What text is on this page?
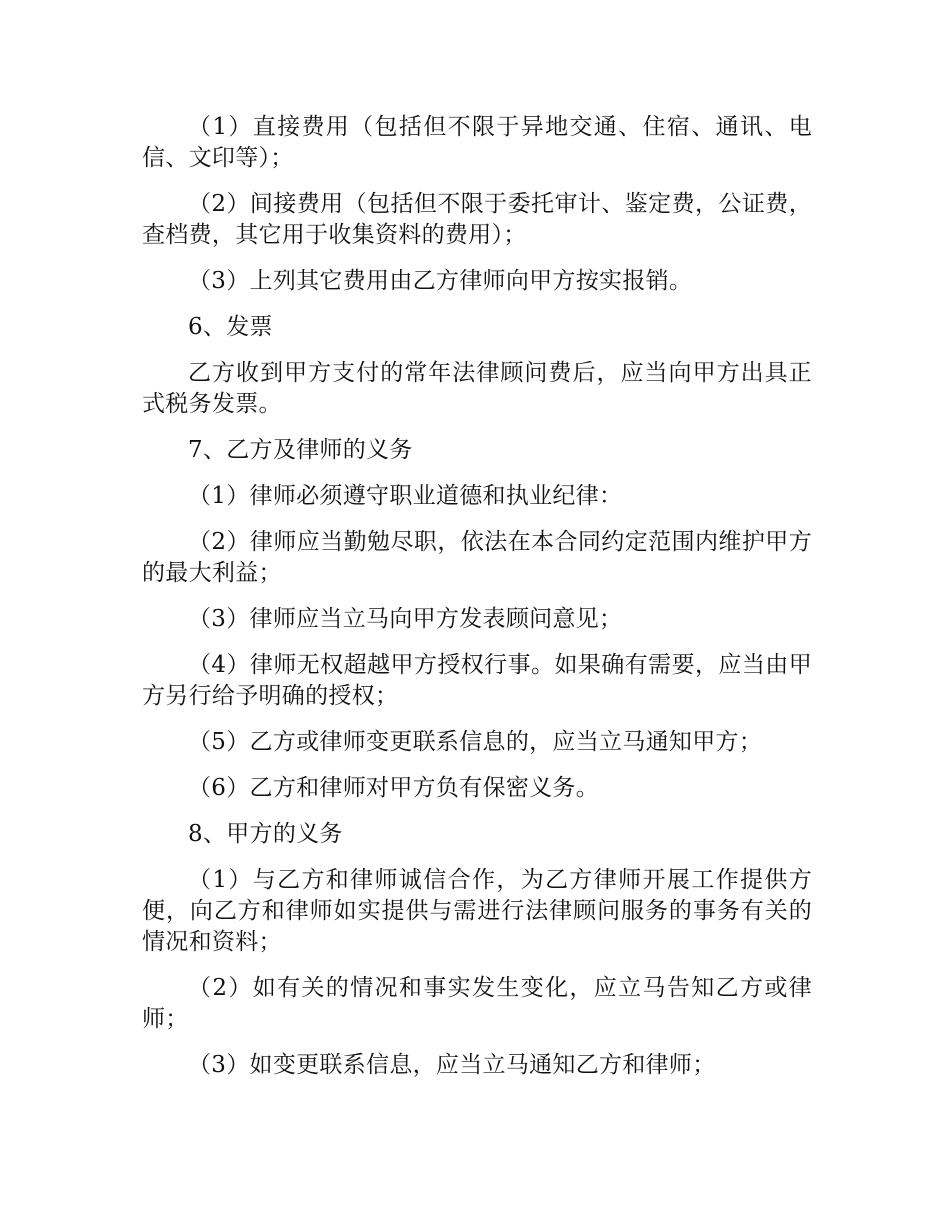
（1）直接费用（包括但不限于异地交通、住宿、通讯、电信、文印等）；

（2）间接费用（包括但不限于委托审计、鉴定费，公证费，查档费，其它用于收集资料的费用）；

（3）上列其它费用由乙方律师向甲方按实报销。

6、发票

乙方收到甲方支付的常年法律顾问费后，应当向甲方出具正式税务发票。

7、乙方及律师的义务

（1）律师必须遵守职业道德和执业纪律：

（2）律师应当勤勉尽职，依法在本合同约定范围内维护甲方的最大利益；

（3）律师应当立马向甲方发表顾问意见；

（4）律师无权超越甲方授权行事。如果确有需要，应当由甲方另行给予明确的授权；

（5）乙方或律师变更联系信息的，应当立马通知甲方；

（6）乙方和律师对甲方负有保密义务。

8、甲方的义务

（1）与乙方和律师诚信合作，为乙方律师开展工作提供方便，向乙方和律师如实提供与需进行法律顾问服务的事务有关的情况和资料；

（2）如有关的情况和事实发生变化，应立马告知乙方或律师；

（3）如变更联系信息，应当立马通知乙方和律师；
